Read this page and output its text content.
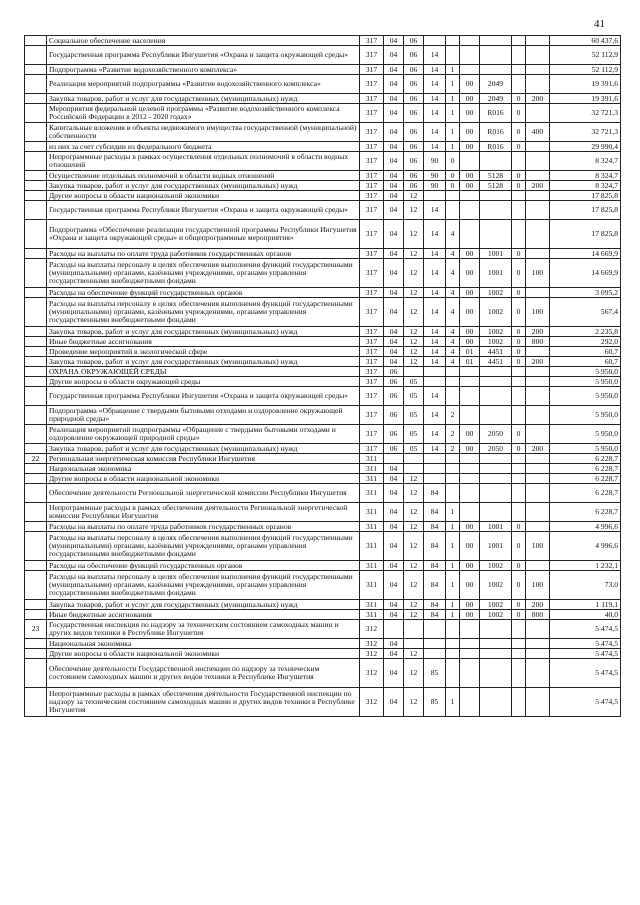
41
	Социальное обеспечение населения	317	04	06							60 437,6
	Государственная программа Республики Ингушетия «Охрана и защита окружающей среды»	317	04	06	14						52 112,9
	Подпрограмма «Развитие водохозяйственного комплекса»	317	04	06	14	1					52 112,9
	Реализация мероприятий подпрограммы «Развитие водохозяйственного комплекса»	317	04	06	14	1	00	2049			19 391,6
	Закупка товаров, работ и услуг для государственных (муниципальных) нужд	317	04	06	14	1	00	2049	0	200	19 391,6
	Мероприятия федеральной целевой программы «Развитие водохозяйственного комплекса Российской Федерации в 2012 - 2020 годах»	317	04	06	14	1	00	R016	0		32 721,3
	Капитальные вложения в объекты недвижимого имущества государственной (муниципальной) собственности	317	04	06	14	1	00	R016	0	400	32 721,3
	из них за счет субсидии из федерального бюджета	317	04	06	14	1	00	R016	0		29 990,4
	Непрограммные расходы в рамках осуществления отдельных полномочий в области водных отношений	317	04	06	90	0					8 324,7
	Осуществление отдельных полномочий в области водных отношений	317	04	06	90	0	00	5128	0		8 324,7
	Закупка товаров, работ и услуг для государственных (муниципальных) нужд	317	04	06	90	0	00	5128	0	200	8 324,7
	Другие вопросы в области национальной экономики	317	04	12							17 825,8
	Государственная программа Республики Ингушетия «Охрана и защита окружающей среды»	317	04	12	14						17 825,8
	Подпрограмма «Обеспечение реализации государственной программы Республики Ингушетия «Охрана и защита окружающей среды» и общепрограммные мероприятия»	317	04	12	14	4					17 825,8
	Расходы на выплаты по оплате труда работников государственных органов	317	04	12	14	4	00	1001	0		14 669,9
	Расходы на выплаты персоналу в целях обеспечения выполнения функций государственными (муниципальными) органами, казёнными учреждениями, органами управления государственными внебюджетными фондами	317	04	12	14	4	00	1001	0	100	14 669,9
	Расходы на обеспечение функций государственных органов	317	04	12	14	4	00	1002	0		3 095,2
	Расходы на выплаты персоналу в целях обеспечения выполнения функций государственными (муниципальными) органами, казёнными учреждениями, органами управления государственными внебюджетными фондами	317	04	12	14	4	00	1002	0	100	567,4
	Закупка товаров, работ и услуг для государственных (муниципальных) нужд	317	04	12	14	4	00	1002	0	200	2 235,8
	Иные бюджетные ассигнования	317	04	12	14	4	00	1002	0	800	292,0
	Проведение мероприятий в экологической сфере	317	04	12	14	4	01	4451	0		60,7
	Закупка товаров, работ и услуг для государственных (муниципальных) нужд	317	04	12	14	4	01	4451	0	200	60,7
	ОХРАНА ОКРУЖАЮЩЕЙ СРЕДЫ	317	06								5 950,0
	Другие вопросы в области окружающей среды	317	06	05							5 950,0
	Государственная программа Республики Ингушетия «Охрана и защита окружающей среды»	317	06	05	14						5 950,0
	Подпрограмма «Обращение с твердыми бытовыми отходами и оздоровление окружающей природной среды»	317	06	05	14	2					5 950,0
	Реализация мероприятий подпрограммы «Обращение с твердыми бытовыми отходами и оздоровление окружающей природной среды»	317	06	05	14	2	00	2050	0		5 950,0
	Закупка товаров, работ и услуг для государственных (муниципальных) нужд	317	06	05	14	2	00	2050	0	200	5 950,0
22	Региональная энергетическая комиссия Республики Ингушетия	311									6 228,7
	Национальная экономика	311	04								6 228,7
	Другие вопросы в области национальной экономики	311	04	12							6 228,7
	Обеспечение деятельности Региональной энергетической комиссии Республики Ингушетия	311	04	12	84						6 228,7
	Непрограммные расходы в рамках обеспечения деятельности Региональной энергетической комиссии Республики Ингушетия	311	04	12	84	1					6 228,7
	Расходы на выплаты по оплате труда работников государственных органов	311	04	12	84	1	00	1001	0		4 996,6
	Расходы на выплаты персоналу в целях обеспечения выполнения функций государственными (муниципальными) органами, казёнными учреждениями, органами управления государственными внебюджетными фондами	311	04	12	84	1	00	1001	0	100	4 996,6
	Расходы на обеспечение функций государственных органов	311	04	12	84	1	00	1002	0		1 232,1
	Расходы на выплаты персоналу в целях обеспечения выполнения функций государственными (муниципальными) органами, казёнными учреждениями, органами управления государственными внебюджетными фондами	311	04	12	84	1	00	1002	0	100	73,0
	Закупка товаров, работ и услуг для государственных (муниципальных) нужд	311	04	12	84	1	00	1002	0	200	1 119,1
	Иные бюджетные ассигнования	311	04	12	84	1	00	1002	0	800	40,0
23	Государственная инспекция по надзору за техническим состоянием самоходных машин и других видов техники в Республике Ингушетия	312									5 474,5
	Национальная экономика	312	04								5 474,5
	Другие вопросы в области национальной экономики	312	04	12							5 474,5
	Обеспечение деятельности Государственной инспекции по надзору за техническим состоянием самоходных машин и других видов техники в Республике Ингушетия	312	04	12	85						5 474,5
	Непрограммные расходы в рамках обеспечения деятельности Государственной инспекции по надзору за техническим состоянием самоходных машин и других видов техники в Республике Ингушетия	312	04	12	85	1					5 474,5
